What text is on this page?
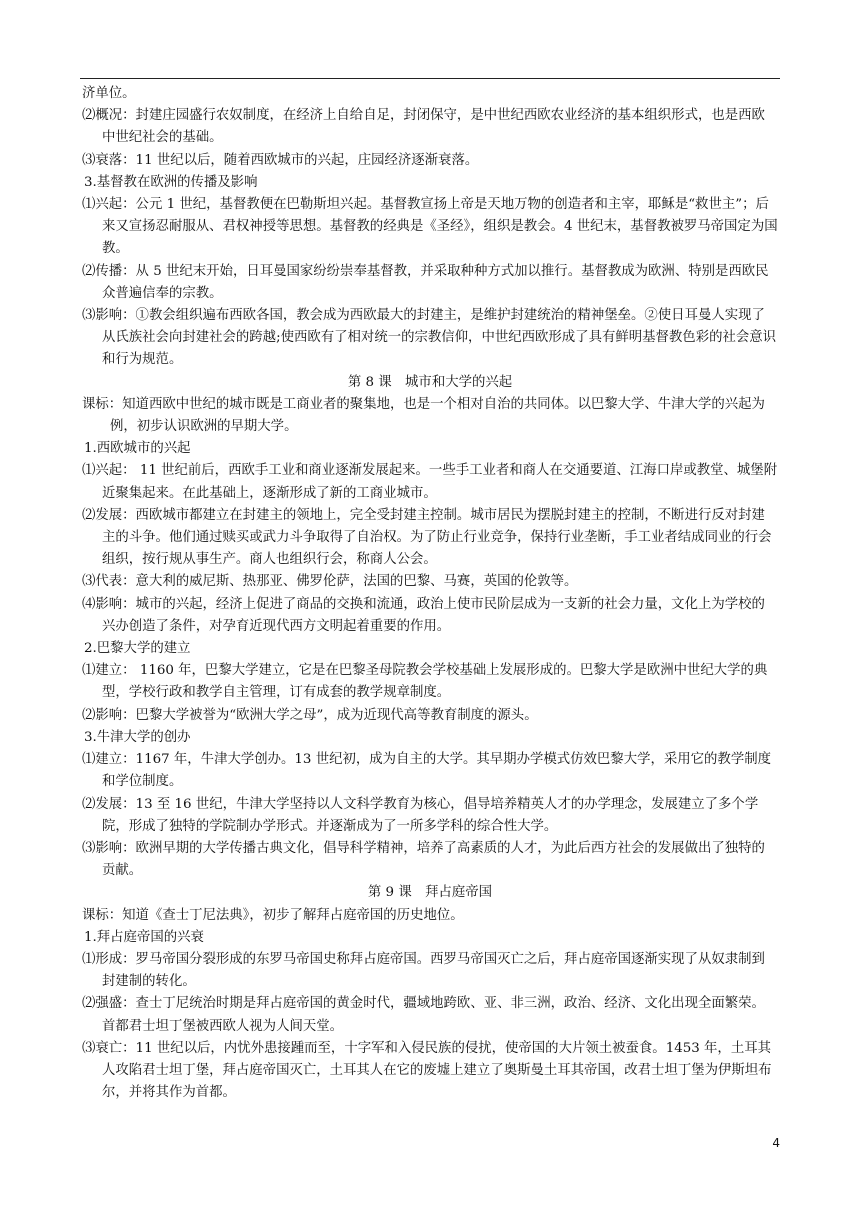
济单位。

⑵概况：封建庄园盛行农奴制度，在经济上自给自足，封闭保守，是中世纪西欧农业经济的基本组织形式，也是西欧中世纪社会的基础。

⑶衰落：11 世纪以后，随着西欧城市的兴起，庄园经济逐渐衰落。

3.基督教在欧洲的传播及影响

⑴兴起：公元 1 世纪，基督教便在巴勒斯坦兴起。基督教宣扬上帝是天地万物的创造者和主宰，耶稣是“救世主”；后来又宣扬忍耐服从、君权神授等思想。基督教的经典是《圣经》，组织是教会。4 世纪末，基督教被罗马帝国定为国教。

⑵传播：从 5 世纪末开始，日耳曼国家纷纷崇奉基督教，并采取种种方式加以推行。基督教成为欧洲、特别是西欧民众普遍信奉的宗教。

⑶影响：①教会组织遍布西欧各国，教会成为西欧最大的封建主，是维护封建统治的精神堡垒。②使日耳曼人实现了从氏族社会向封建社会的跨越;使西欧有了相对统一的宗教信仰，中世纪西欧形成了具有鲜明基督教色彩的社会意识和行为规范。

第 8 课　城市和大学的兴起

课标：知道西欧中世纪的城市既是工商业者的聚集地，也是一个相对自治的共同体。以巴黎大学、牛津大学的兴起为例，初步认识欧洲的早期大学。

1.西欧城市的兴起

⑴兴起： 11 世纪前后，西欧手工业和商业逐渐发展起来。一些手工业者和商人在交通要道、江海口岸或教堂、城堡附近聚集起来。在此基础上，逐渐形成了新的工商业城市。

⑵发展：西欧城市都建立在封建主的领地上，完全受封建主控制。城市居民为摆脱封建主的控制，不断进行反对封建主的斗争。他们通过赎买或武力斗争取得了自治权。为了防止行业竞争，保持行业垄断，手工业者结成同业的行会组织，按行规从事生产。商人也组织行会，称商人公会。

⑶代表：意大利的威尼斯、热那亚、佛罗伦萨，法国的巴黎、马赛，英国的伦敦等。

⑷影响：城市的兴起，经济上促进了商品的交换和流通，政治上使市民阶层成为一支新的社会力量，文化上为学校的兴办创造了条件，对孕育近现代西方文明起着重要的作用。

2.巴黎大学的建立

⑴建立： 1160 年，巴黎大学建立，它是在巴黎圣母院教会学校基础上发展形成的。巴黎大学是欧洲中世纪大学的典型，学校行政和教学自主管理，订有成套的教学规章制度。

⑵影响：巴黎大学被誉为“欧洲大学之母”，成为近现代高等教育制度的源头。

3.牛津大学的创办

⑴建立：1167 年，牛津大学创办。13 世纪初，成为自主的大学。其早期办学模式仿效巴黎大学，采用它的教学制度和学位制度。

⑵发展：13 至 16 世纪，牛津大学坚持以人文科学教育为核心，倡导培养精英人才的办学理念，发展建立了多个学院，形成了独特的学院制办学形式。并逐渐成为了一所多学科的综合性大学。

⑶影响：欧洲早期的大学传播古典文化，倡导科学精神，培养了高素质的人才，为此后西方社会的发展做出了独特的贡献。

第 9 课　拜占庭帝国

课标：知道《查士丁尼法典》，初步了解拜占庭帝国的历史地位。

1.拜占庭帝国的兴衰

⑴形成：罗马帝国分裂形成的东罗马帝国史称拜占庭帝国。西罗马帝国灭亡之后，拜占庭帝国逐渐实现了从奴隶制到封建制的转化。

⑵强盛：查士丁尼统治时期是拜占庭帝国的黄金时代，疆域地跨欧、亚、非三洲，政治、经济、文化出现全面繁荣。首都君士坦丁堡被西欧人视为人间天堂。

⑶衰亡：11 世纪以后，内忧外患接踵而至，十字军和入侵民族的侵扰，使帝国的大片领土被蚕食。1453 年，土耳其人攻陷君士坦丁堡，拜占庭帝国灭亡，土耳其人在它的废墟上建立了奥斯曼土耳其帝国，改君士坦丁堡为伊斯坦布尔，并将其作为首都。

4
